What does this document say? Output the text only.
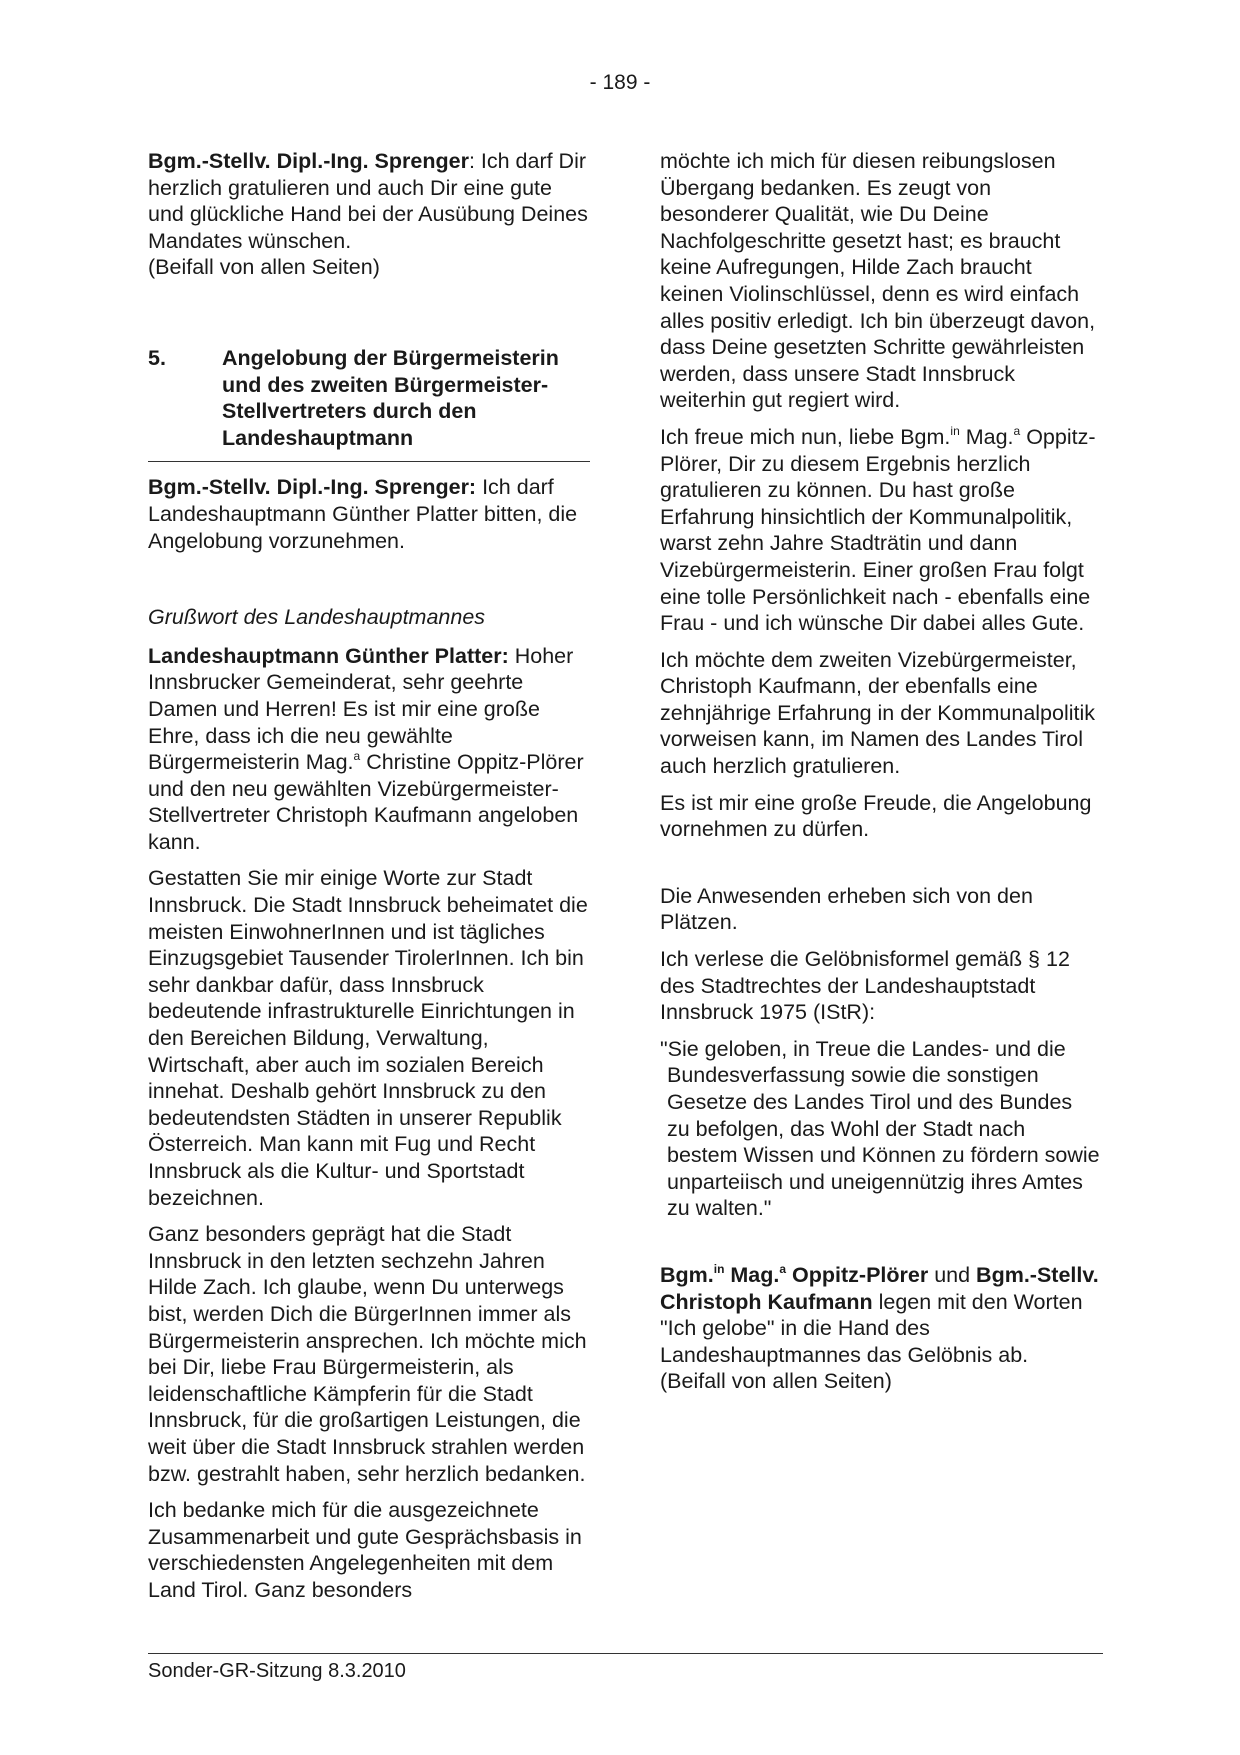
- 189 -

Bgm.-Stellv. Dipl.-Ing. Sprenger: Ich darf Dir herzlich gratulieren und auch Dir eine gute und glückliche Hand bei der Ausübung Deines Mandates wünschen.
(Beifall von allen Seiten)

5.	Angelobung der Bürgermeisterin und des zweiten Bürgermeister-Stellvertreters durch den Landeshauptmann

Bgm.-Stellv. Dipl.-Ing. Sprenger: Ich darf Landeshauptmann Günther Platter bitten, die Angelobung vorzunehmen.

Grußwort des Landeshauptmannes

Landeshauptmann Günther Platter: Hoher Innsbrucker Gemeinderat, sehr geehrte Damen und Herren! Es ist mir eine große Ehre, dass ich die neu gewählte Bürgermeisterin Mag.$^a$ Christine Oppitz-Plörer und den neu gewählten Vizebürgermeister-Stellvertreter Christoph Kaufmann angeloben kann.

Gestatten Sie mir einige Worte zur Stadt Innsbruck. Die Stadt Innsbruck beheimatet die meisten EinwohnerInnen und ist tägliches Einzugsgebiet Tausender TirolerInnen. Ich bin sehr dankbar dafür, dass Innsbruck bedeutende infrastrukturelle Einrichtungen in den Bereichen Bildung, Verwaltung, Wirtschaft, aber auch im sozialen Bereich innehat. Deshalb gehört Innsbruck zu den bedeutendsten Städten in unserer Republik Österreich. Man kann mit Fug und Recht Innsbruck als die Kultur- und Sportstadt bezeichnen.

Ganz besonders geprägt hat die Stadt Innsbruck in den letzten sechzehn Jahren Hilde Zach. Ich glaube, wenn Du unterwegs bist, werden Dich die BürgerInnen immer als Bürgermeisterin ansprechen. Ich möchte mich bei Dir, liebe Frau Bürgermeisterin, als leidenschaftliche Kämpferin für die Stadt Innsbruck, für die großartigen Leistungen, die weit über die Stadt Innsbruck strahlen werden bzw. gestrahlt haben, sehr herzlich bedanken.

Ich bedanke mich für die ausgezeichnete Zusammenarbeit und gute Gesprächsbasis in verschiedensten Angelegenheiten mit dem Land Tirol. Ganz besonders

möchte ich mich für diesen reibungslosen Übergang bedanken. Es zeugt von besonderer Qualität, wie Du Deine Nachfolgeschritte gesetzt hast; es braucht keine Aufregungen, Hilde Zach braucht keinen Violinschlüssel, denn es wird einfach alles positiv erledigt. Ich bin überzeugt davon, dass Deine gesetzten Schritte gewährleisten werden, dass unsere Stadt Innsbruck weiterhin gut regiert wird.

Ich freue mich nun, liebe Bgm.$^{in}$ Mag.$^a$ Oppitz-Plörer, Dir zu diesem Ergebnis herzlich gratulieren zu können. Du hast große Erfahrung hinsichtlich der Kommunalpolitik, warst zehn Jahre Stadträtin und dann Vizebürgermeisterin. Einer großen Frau folgt eine tolle Persönlichkeit nach - ebenfalls eine Frau - und ich wünsche Dir dabei alles Gute.

Ich möchte dem zweiten Vizebürgermeister, Christoph Kaufmann, der ebenfalls eine zehnjährige Erfahrung in der Kommunalpolitik vorweisen kann, im Namen des Landes Tirol auch herzlich gratulieren.

Es ist mir eine große Freude, die Angelobung vornehmen zu dürfen.

Die Anwesenden erheben sich von den Plätzen.

Ich verlese die Gelöbnisformel gemäß § 12 des Stadtrechtes der Landeshauptstadt Innsbruck 1975 (IStR):

"Sie geloben, in Treue die Landes- und die Bundesverfassung sowie die sonstigen Gesetze des Landes Tirol und des Bundes zu befolgen, das Wohl der Stadt nach bestem Wissen und Können zu fördern sowie unparteiisch und uneigennützig ihres Amtes zu walten."

Bgm.$^{in}$ Mag.$^a$ Oppitz-Plörer und Bgm.-Stellv. Christoph Kaufmann legen mit den Worten "Ich gelobe" in die Hand des Landeshauptmannes das Gelöbnis ab.
(Beifall von allen Seiten)

Sonder-GR-Sitzung 8.3.2010
